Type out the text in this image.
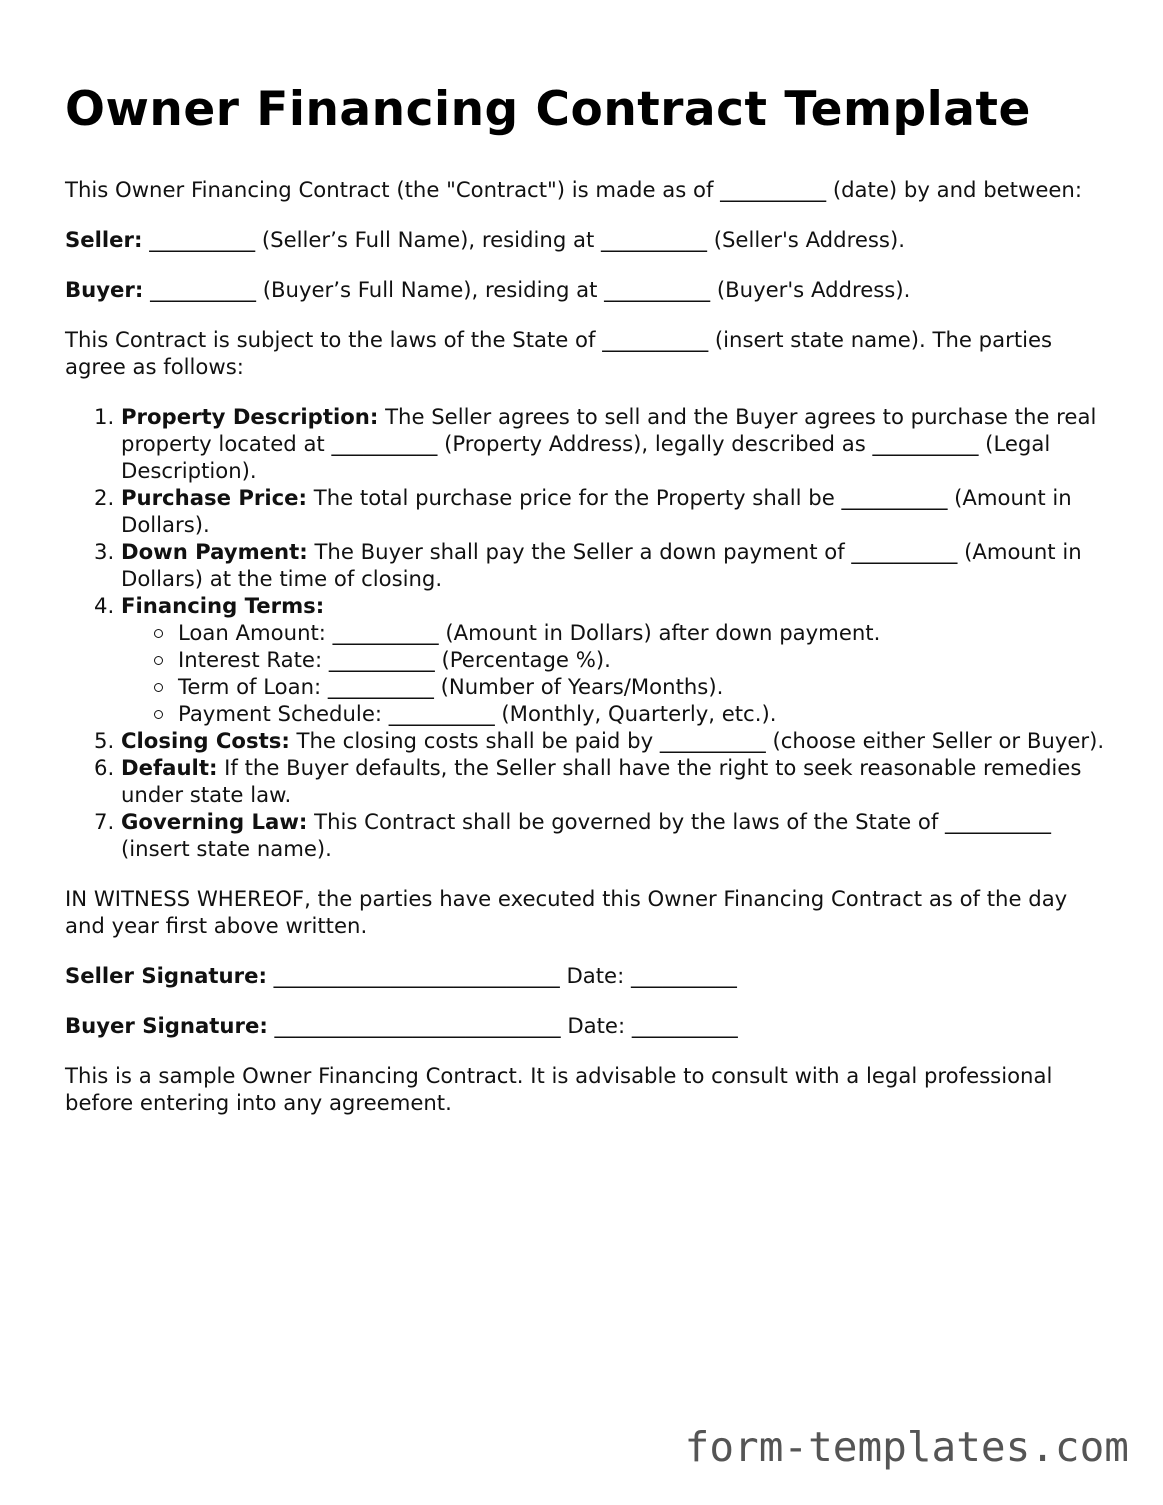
Owner Financing Contract Template

This Owner Financing Contract (the "Contract") is made as of __________ (date) by and between:

Seller: __________ (Seller’s Full Name), residing at __________ (Seller's Address).

Buyer: __________ (Buyer’s Full Name), residing at __________ (Buyer's Address).

This Contract is subject to the laws of the State of __________ (insert state name). The parties agree as follows:

1. Property Description: The Seller agrees to sell and the Buyer agrees to purchase the real property located at __________ (Property Address), legally described as __________ (Legal Description).
2. Purchase Price: The total purchase price for the Property shall be __________ (Amount in Dollars).
3. Down Payment: The Buyer shall pay the Seller a down payment of __________ (Amount in Dollars) at the time of closing.
4. Financing Terms:
Loan Amount: __________ (Amount in Dollars) after down payment.
Interest Rate: __________ (Percentage %).
Term of Loan: __________ (Number of Years/Months).
Payment Schedule: __________ (Monthly, Quarterly, etc.).
5. Closing Costs: The closing costs shall be paid by __________ (choose either Seller or Buyer).
6. Default: If the Buyer defaults, the Seller shall have the right to seek reasonable remedies under state law.
7. Governing Law: This Contract shall be governed by the laws of the State of __________ (insert state name).

IN WITNESS WHEREOF, the parties have executed this Owner Financing Contract as of the day and year first above written.

Seller Signature: ___________________________ Date: __________

Buyer Signature: ___________________________ Date: __________

This is a sample Owner Financing Contract. It is advisable to consult with a legal professional before entering into any agreement.

form-templates.com
